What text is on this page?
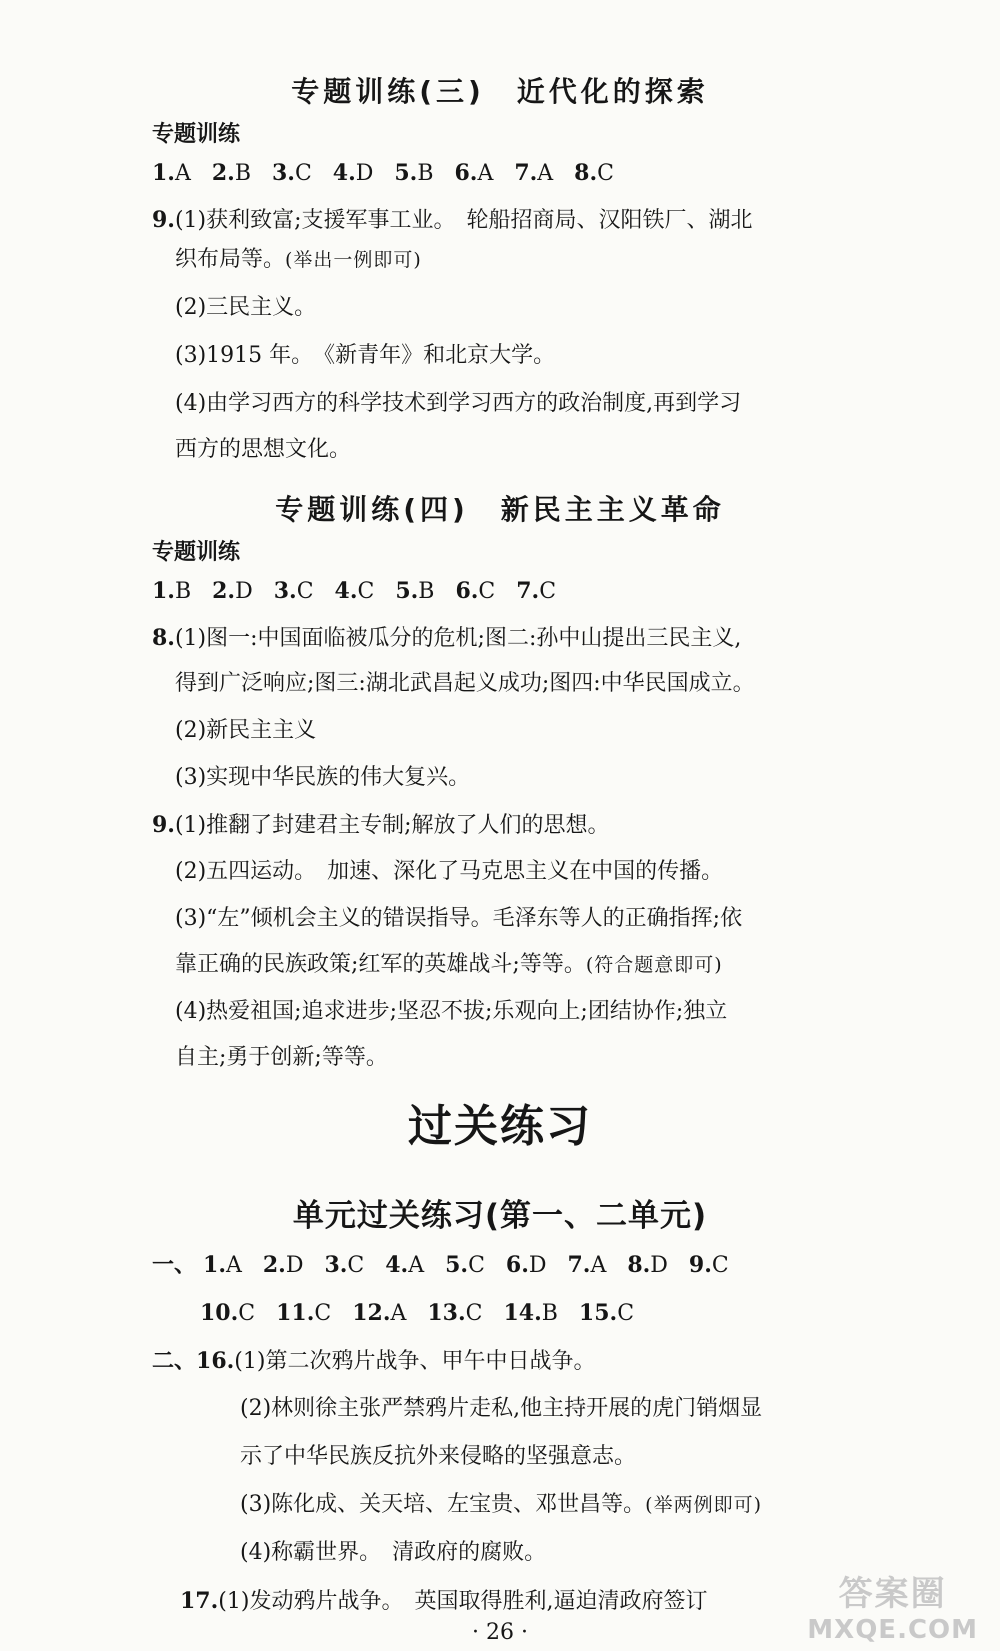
专题训练(三)　近代化的探索
专题训练
1.A 2.B 3.C 4.D 5.B 6.A 7.A 8.C
9.(1)获利致富;支援军事工业。　轮船招商局、汉阳铁厂、湖北
织布局等。(举出一例即可)
(2)三民主义。
(3)1915 年。　《新青年》和北京大学。
(4)由学习西方的科学技术到学习西方的政治制度,再到学习
西方的思想文化。
专题训练(四)　新民主主义革命
专题训练
1.B 2.D 3.C 4.C 5.B 6.C 7.C
8.(1)图一:中国面临被瓜分的危机;图二:孙中山提出三民主义,
得到广泛响应;图三:湖北武昌起义成功;图四:中华民国成立。
(2)新民主主义
(3)实现中华民族的伟大复兴。
9.(1)推翻了封建君主专制;解放了人们的思想。
(2)五四运动。　加速、深化了马克思主义在中国的传播。
(3)“左”倾机会主义的错误指导。毛泽东等人的正确指挥;依
靠正确的民族政策;红军的英雄战斗;等等。(符合题意即可)
(4)热爱祖国;追求进步;坚忍不拔;乐观向上;团结协作;独立
自主;勇于创新;等等。
过关练习
单元过关练习(第一、二单元)
一、 1.A 2.D 3.C 4.A 5.C 6.D 7.A 8.D 9.C
10.C 11.C 12.A 13.C 14.B 15.C
二、16.(1)第二次鸦片战争、甲午中日战争。
(2)林则徐主张严禁鸦片走私,他主持开展的虎门销烟显
示了中华民族反抗外来侵略的坚强意志。
(3)陈化成、关天培、左宝贵、邓世昌等。(举两例即可)
(4)称霸世界。　清政府的腐败。
17.(1)发动鸦片战争。　英国取得胜利,逼迫清政府签订
· 26 ·
答案圈
MXQE.COM
